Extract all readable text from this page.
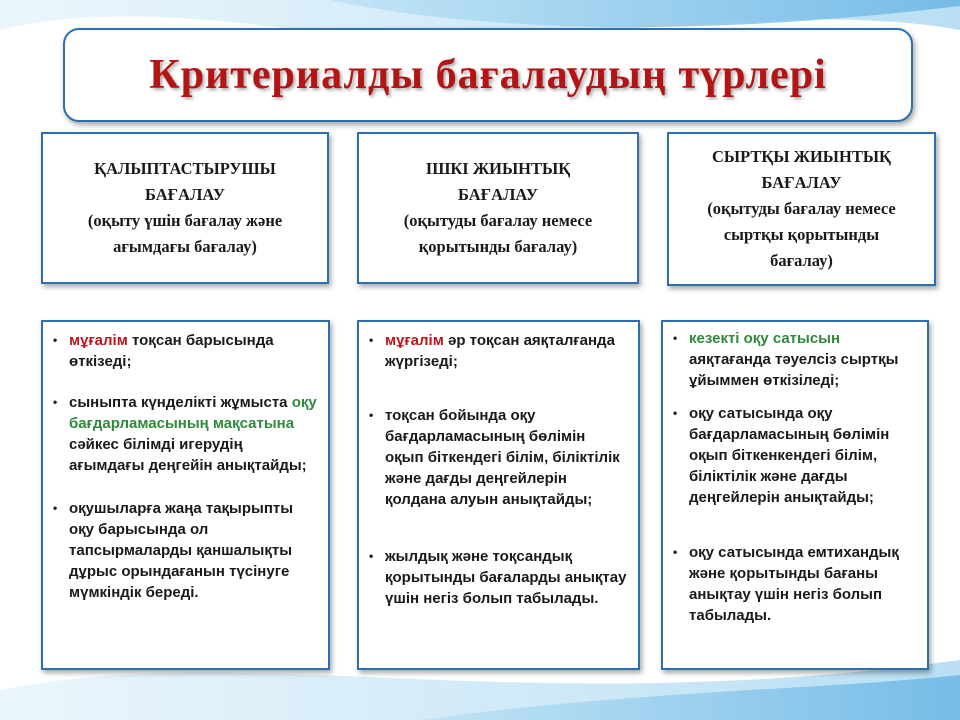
Критериалды бағалаудың түрлері
ҚАЛЫПТАСТЫРУШЫ
БАҒАЛАУ
(оқыту үшін бағалау және
ағымдағы бағалау)
ІШКІ ЖИЫНТЫҚ
БАҒАЛАУ
(оқытуды бағалау немесе
қорытынды бағалау)
СЫРТҚЫ ЖИЫНТЫҚ
БАҒАЛАУ
(оқытуды бағалау немесе
сыртқы қорытынды
бағалау)
• мұғалім тоқсан барысында өткізеді;
• сыныпта күнделікті жұмыста оқу бағдарламасының мақсатына сәйкес білімді игерудің ағымдағы деңгейін анықтайды;
• оқушыларға жаңа тақырыпты оқу барысында ол тапсырмаларды қаншалықты дұрыс орындағанын түсінуге мүмкіндік береді.
• мұғалім әр тоқсан аяқталғанда жүргізеді;
• тоқсан бойында оқу бағдарламасының бөлімін оқып біткендегі білім, біліктілік және дағды деңгейлерін қолдана алуын анықтайды;
• жылдық және тоқсандық қорытынды бағаларды анықтау үшін негіз болып табылады.
• кезекті оқу сатысын аяқтағанда тәуелсіз сыртқы ұйыммен өткізіледі;
• оқу сатысында оқу бағдарламасының бөлімін оқып біткенкендегі білім, біліктілік және дағды деңгейлерін анықтайды;
• оқу сатысында емтихандық және қорытынды бағаны анықтау үшін негіз болып табылады.
